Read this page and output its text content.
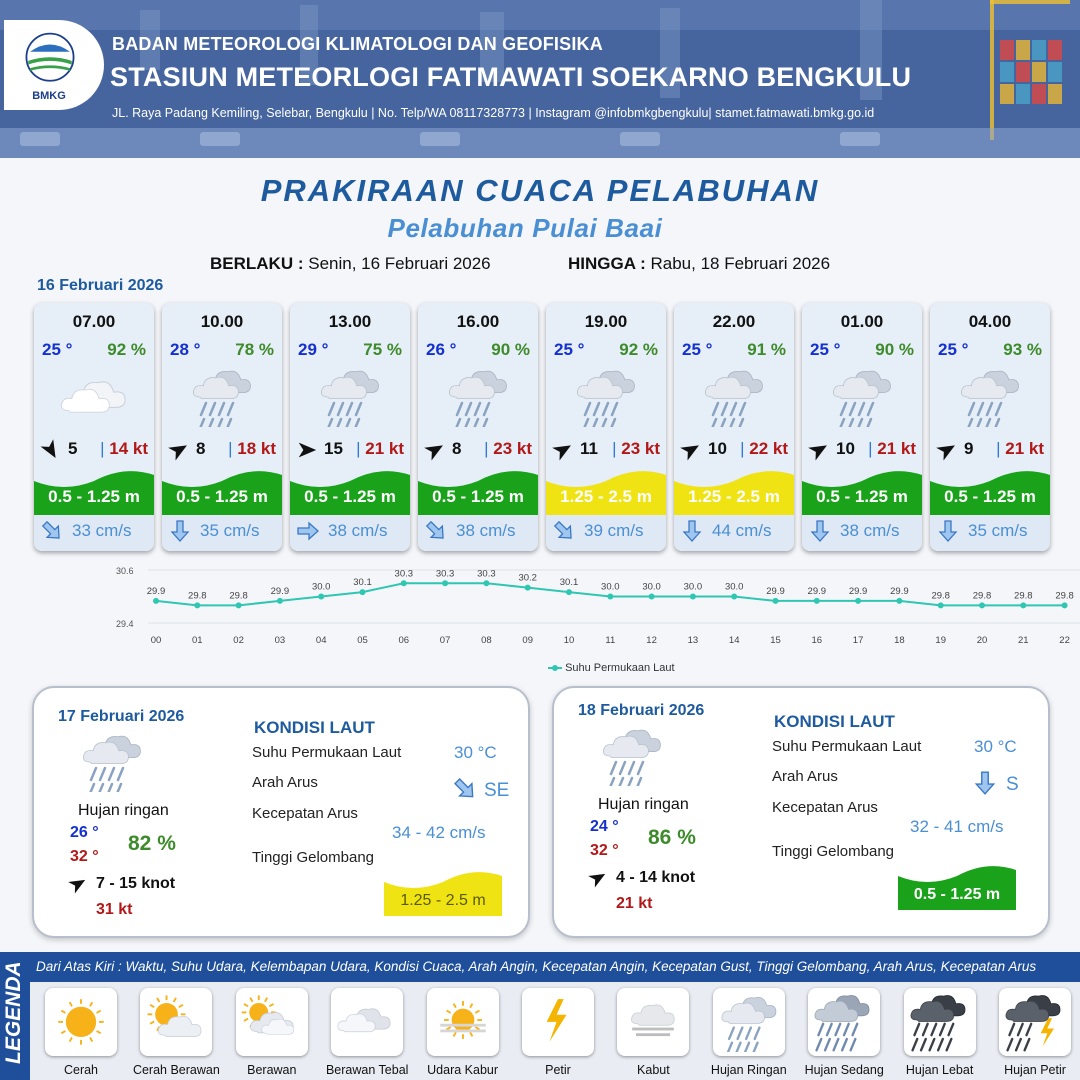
BMKG
BADAN METEOROLOGI KLIMATOLOGI DAN GEOFISIKA
STASIUN METEORLOGI FATMAWATI SOEKARNO BENGKULU
JL. Raya Padang Kemiling, Selebar, Bengkulu | No. Telp/WA 08117328773 | Instagram @infobmkgbengkulu| stamet.fatmawati.bmkg.go.id
PRAKIRAAN CUACA PELABUHAN
Pelabuhan Pulai Baai
BERLAKU : Senin, 16 Februari 2026	HINGGA : Rabu, 18 Februari 2026
16 Februari 2026
07.00
25 ° 92 %
5 | 14 kt
0.5 - 1.25 m
33 cm/s
10.00
28 ° 78 %
8 | 18 kt
0.5 - 1.25 m
35 cm/s
13.00
29 ° 75 %
15 | 21 kt
0.5 - 1.25 m
38 cm/s
16.00
26 ° 90 %
8 | 23 kt
0.5 - 1.25 m
38 cm/s
19.00
25 ° 92 %
11 | 23 kt
1.25 - 2.5 m
39 cm/s
22.00
25 ° 91 %
10 | 22 kt
1.25 - 2.5 m
44 cm/s
01.00
25 ° 90 %
10 | 21 kt
0.5 - 1.25 m
38 cm/s
04.00
25 ° 93 %
9 | 21 kt
0.5 - 1.25 m
35 cm/s
30.6
29.4
29.9
00
29.8
01
29.8
02
29.9
03
30.0
04
30.1
05
30.3
06
30.3
07
30.3
08
30.2
09
30.1
10
30.0
11
30.0
12
30.0
13
30.0
14
29.9
15
29.9
16
29.9
17
29.9
18
29.8
19
29.8
20
29.8
21
29.8
22
Suhu Permukaan Laut
17 Februari 2026
Hujan ringan
26 °
32 °
82 %
7 - 15 knot
31 kt
KONDISI LAUT
Suhu Permukaan Laut	30 °C
Arah Arus	SE
Kecepatan Arus
34 - 42 cm/s
Tinggi Gelombang
1.25 - 2.5 m
18 Februari 2026
Hujan ringan
24 °
32 °
86 %
4 - 14 knot
21 kt
KONDISI LAUT
Suhu Permukaan Laut	30 °C
Arah Arus	S
Kecepatan Arus
32 - 41 cm/s
Tinggi Gelombang
0.5 - 1.25 m
LEGENDA Dari Atas Kiri : Waktu, Suhu Udara, Kelembapan Udara, Kondisi Cuaca, Arah Angin, Kecepatan Angin, Kecepatan Gust, Tinggi Gelombang, Arah Arus, Kecepatan Arus
Cerah	Cerah Berawan	Berawan	Berawan Tebal	Udara Kabur	Petir	Kabut	Hujan Ringan	Hujan Sedang	Hujan Lebat	Hujan Petir
